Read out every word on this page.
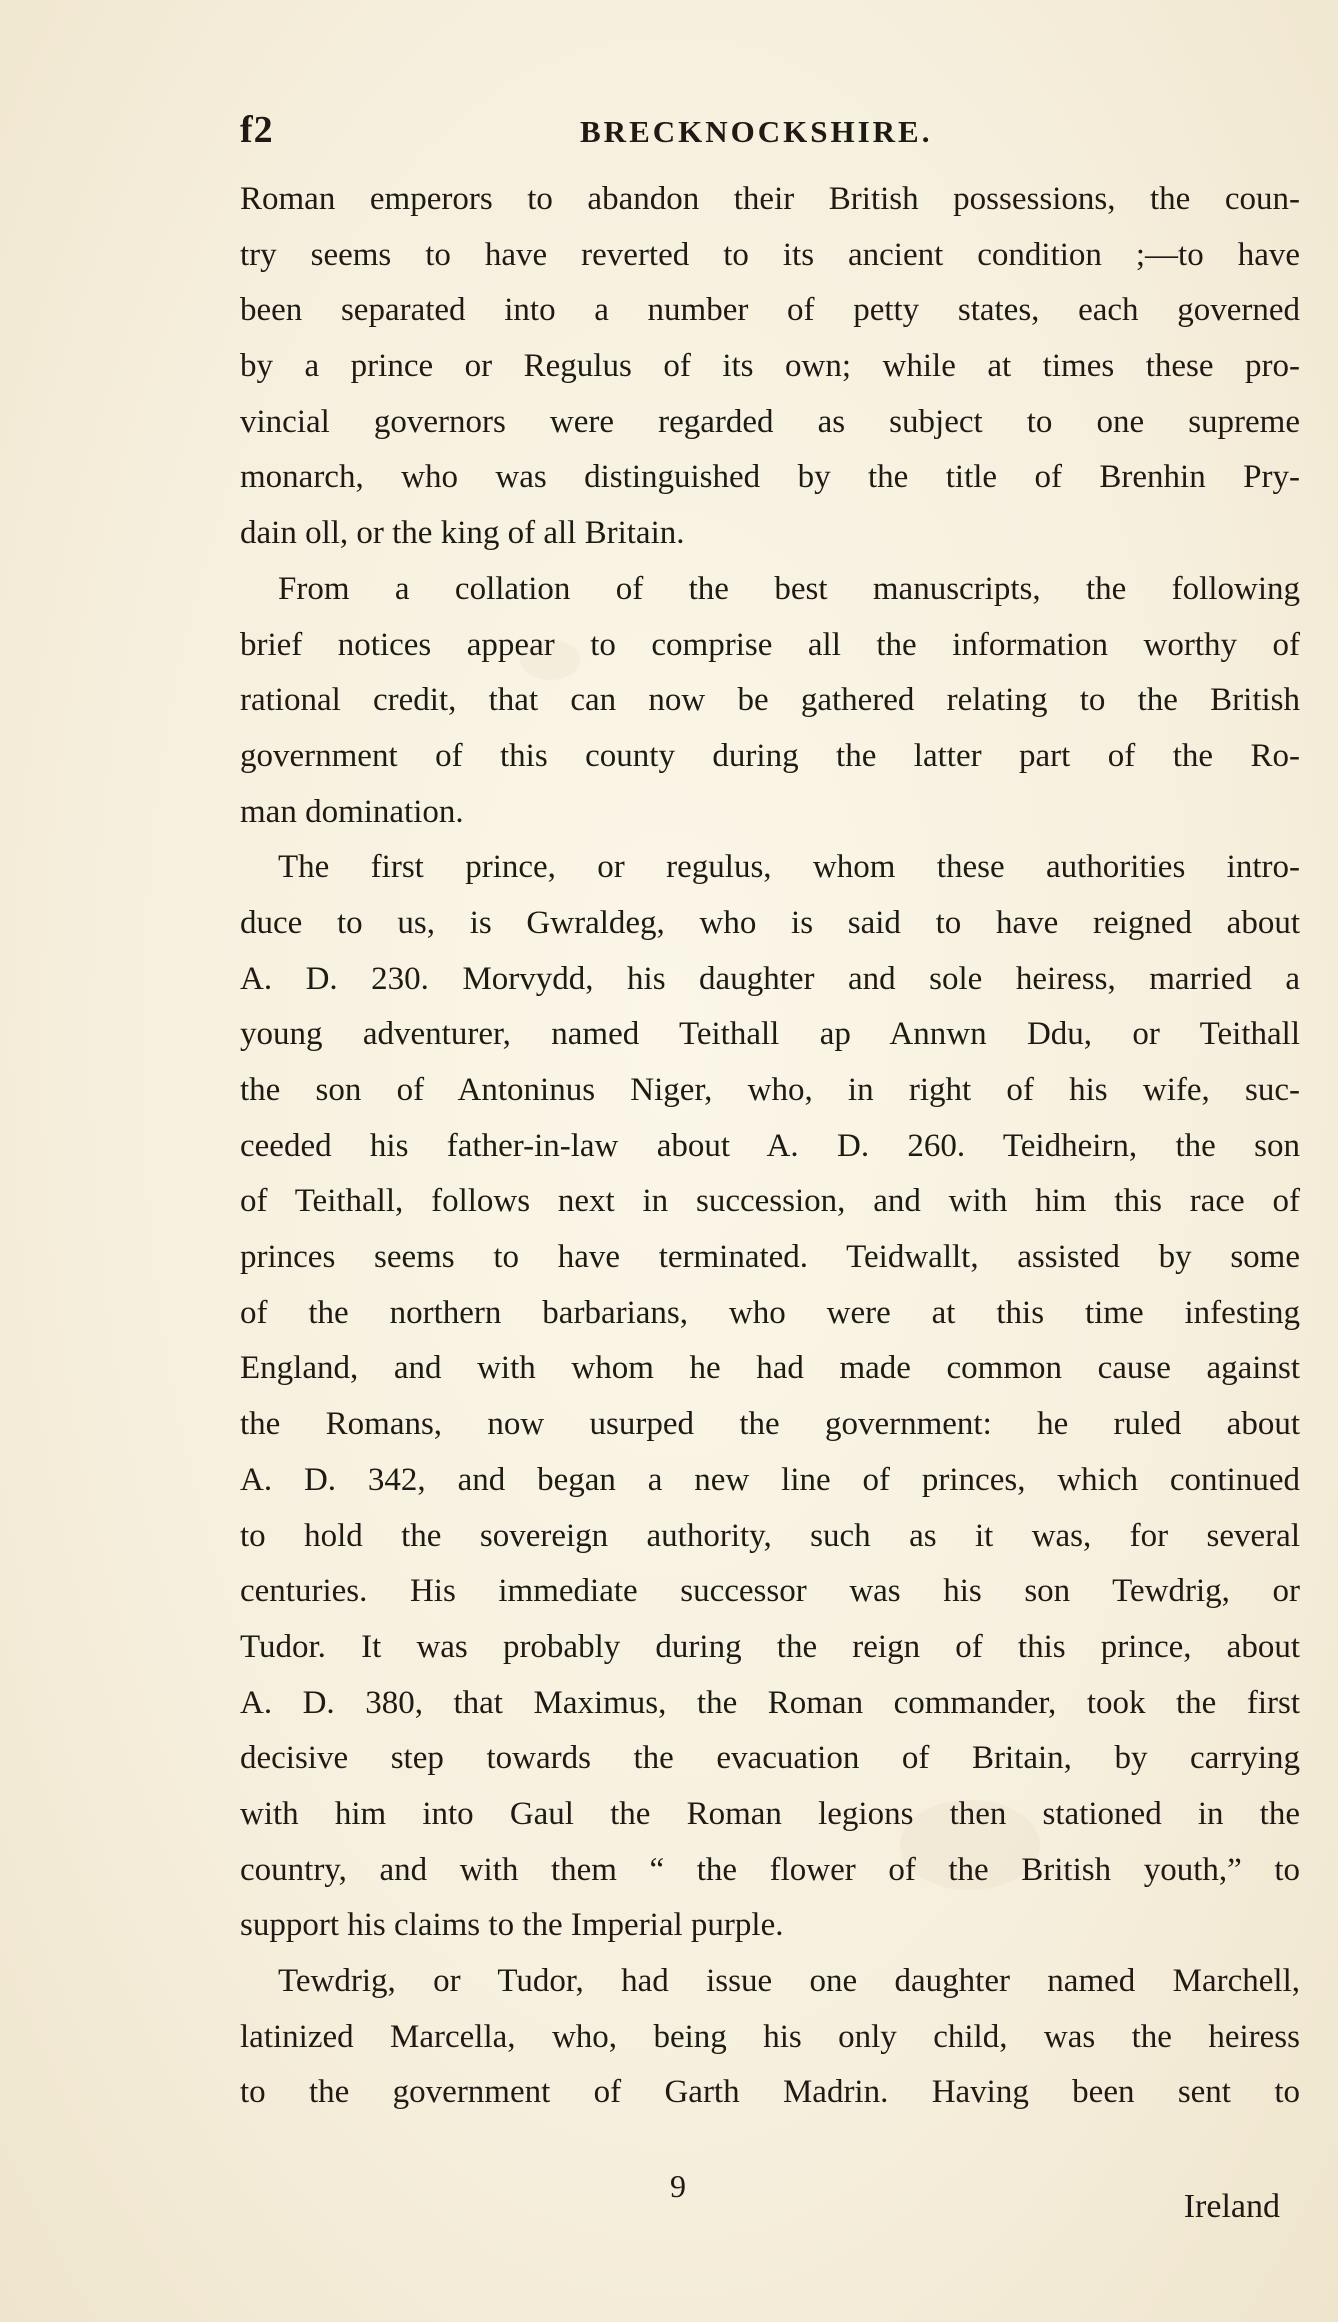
f2	BRECKNOCKSHIRE.
Roman emperors to abandon their British possessions, the coun-
try seems to have reverted to its ancient condition ;—to have
been separated into a number of petty states, each governed
by a prince or Regulus of its own; while at times these pro-
vincial governors were regarded as subject to one supreme
monarch, who was distinguished by the title of Brenhin Pry-
dain oll, or the king of all Britain.
From a collation of the best manuscripts, the following
brief notices appear to comprise all the information worthy of
rational credit, that can now be gathered relating to the British
government of this county during the latter part of the Ro-
man domination.
The first prince, or regulus, whom these authorities intro-
duce to us, is Gwraldeg, who is said to have reigned about
A. D. 230. Morvydd, his daughter and sole heiress, married a
young adventurer, named Teithall ap Annwn Ddu, or Teithall
the son of Antoninus Niger, who, in right of his wife, suc-
ceeded his father-in-law about A. D. 260. Teidheirn, the son
of Teithall, follows next in succession, and with him this race of
princes seems to have terminated. Teidwallt, assisted by some
of the northern barbarians, who were at this time infesting
England, and with whom he had made common cause against
the Romans, now usurped the government: he ruled about
A. D. 342, and began a new line of princes, which continued
to hold the sovereign authority, such as it was, for several
centuries. His immediate successor was his son Tewdrig, or
Tudor. It was probably during the reign of this prince, about
A. D. 380, that Maximus, the Roman commander, took the first
decisive step towards the evacuation of Britain, by carrying
with him into Gaul the Roman legions then stationed in the
country, and with them “ the flower of the British youth,” to
support his claims to the Imperial purple.
Tewdrig, or Tudor, had issue one daughter named Marchell,
latinized Marcella, who, being his only child, was the heiress
to the government of Garth Madrin. Having been sent to
9
Ireland
